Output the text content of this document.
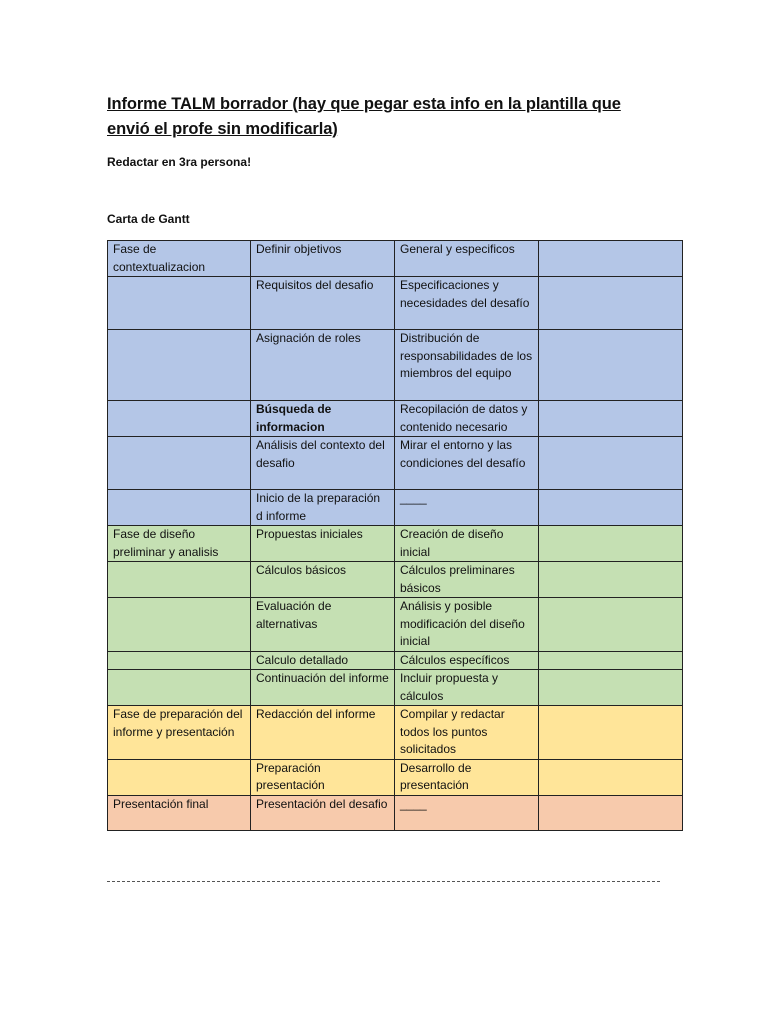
Informe TALM borrador (hay que pegar esta info en la plantilla que envió el profe sin modificarla)

Redactar en 3ra persona!

Carta de Gantt

Fase de contextualizacion	Definir objetivos	General y especificos	
	Requisitos del desafio	Especificaciones y necesidades del desafío	
	Asignación de roles	Distribución de responsabilidades de los miembros del equipo	
	Búsqueda de informacion	Recopilación de datos y contenido necesario	
	Análisis del contexto del desafio	Mirar el entorno y las condiciones del desafío	
	Inicio de la preparación d informe	____	
Fase de diseño preliminar y analisis	Propuestas iniciales	Creación de diseño inicial	
	Cálculos básicos	Cálculos preliminares básicos	
	Evaluación de alternativas	Análisis y posible modificación del diseño inicial	
	Calculo detallado	Cálculos específicos	
	Continuación del informe	Incluir propuesta y cálculos	
Fase de preparación del informe y presentación	Redacción del informe	Compilar y redactar todos los puntos solicitados	
	Preparación presentación	Desarrollo de presentación	
Presentación final	Presentación del desafio	____	
